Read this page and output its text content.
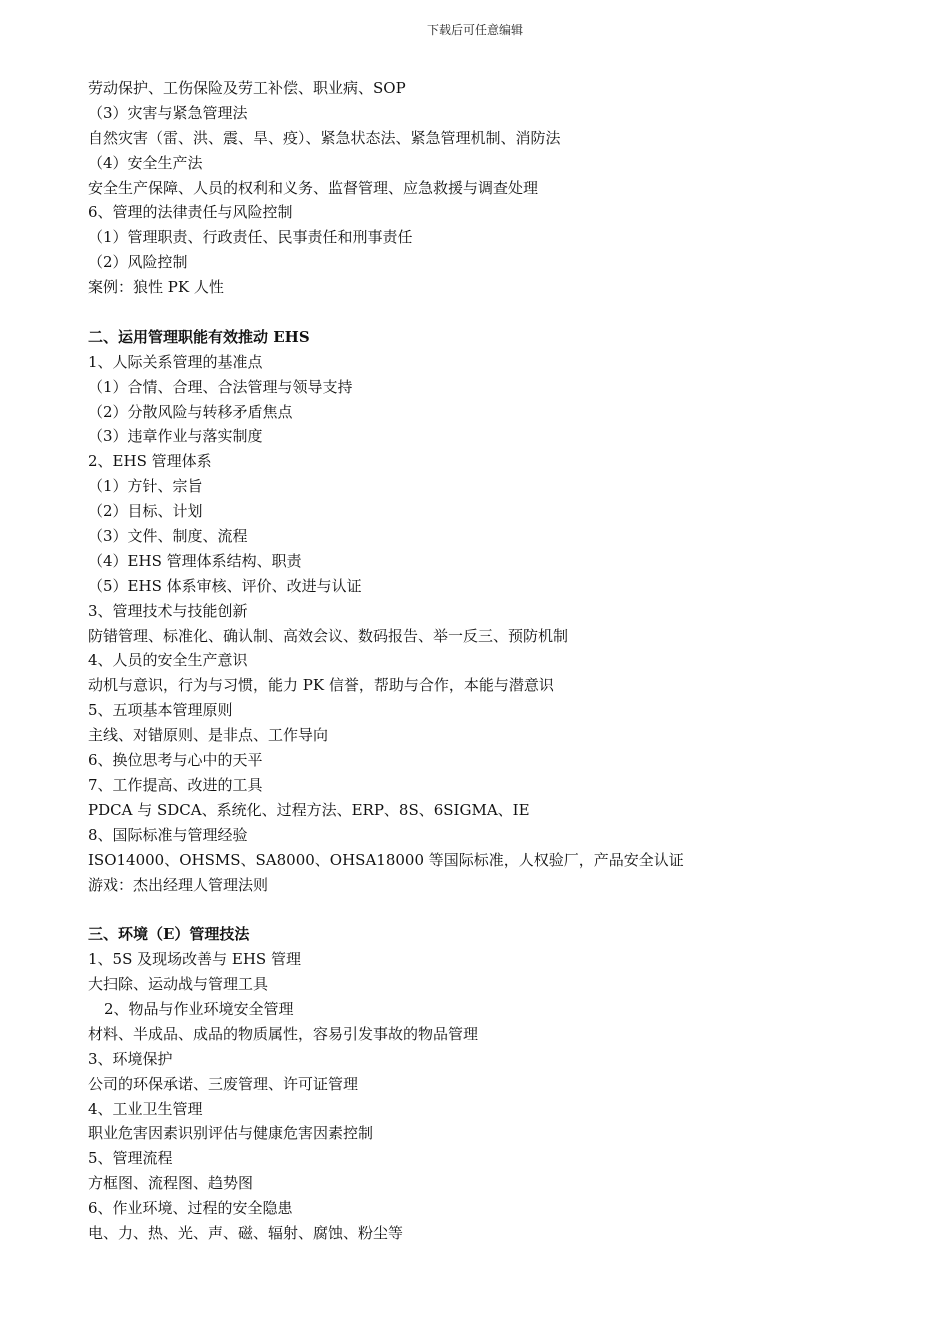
下载后可任意编辑
劳动保护、工伤保险及劳工补偿、职业病、SOP
（3）灾害与紧急管理法
自然灾害（雷、洪、震、旱、疫）、紧急状态法、紧急管理机制、消防法
（4）安全生产法
安全生产保障、人员的权利和义务、监督管理、应急救援与调查处理
6、管理的法律责任与风险控制
（1）管理职责、行政责任、民事责任和刑事责任
（2）风险控制
案例：狼性 PK 人性
二、运用管理职能有效推动 EHS
1、人际关系管理的基准点
（1）合情、合理、合法管理与领导支持
（2）分散风险与转移矛盾焦点
（3）违章作业与落实制度
2、EHS 管理体系
（1）方针、宗旨
（2）目标、计划
（3）文件、制度、流程
（4）EHS 管理体系结构、职责
（5）EHS 体系审核、评价、改进与认证
3、管理技术与技能创新
防错管理、标准化、确认制、高效会议、数码报告、举一反三、预防机制
4、人员的安全生产意识
动机与意识，行为与习惯，能力 PK 信誉，帮助与合作，本能与潜意识
5、五项基本管理原则
主线、对错原则、是非点、工作导向
6、换位思考与心中的天平
7、工作提高、改进的工具
PDCA 与 SDCA、系统化、过程方法、ERP、8S、6SIGMA、IE
8、国际标准与管理经验
ISO14000、OHSMS、SA8000、OHSA18000 等国际标准，人权验厂，产品安全认证
游戏：杰出经理人管理法则
三、环境（E）管理技法
1、5S 及现场改善与 EHS 管理
大扫除、运动战与管理工具
2、物品与作业环境安全管理
材料、半成品、成品的物质属性，容易引发事故的物品管理
3、环境保护
公司的环保承诺、三废管理、许可证管理
4、工业卫生管理
职业危害因素识别评估与健康危害因素控制
5、管理流程
方框图、流程图、趋势图
6、作业环境、过程的安全隐患
电、力、热、光、声、磁、辐射、腐蚀、粉尘等
